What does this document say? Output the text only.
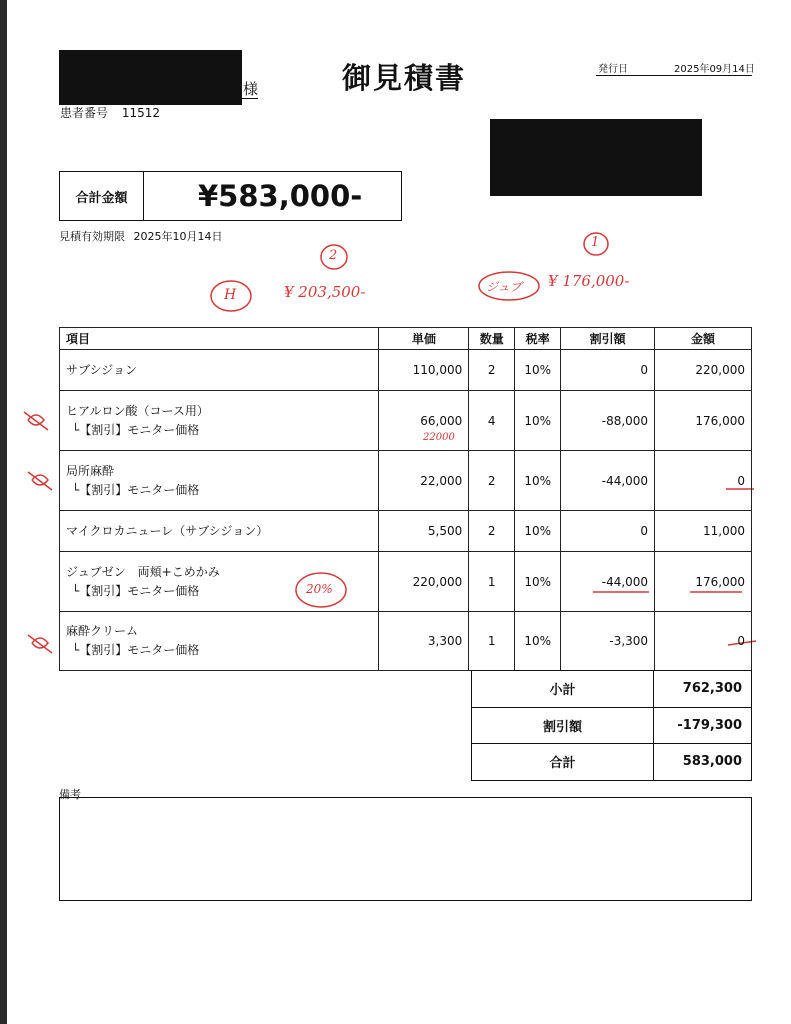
様
患者番号 11512
御見積書	発行日	2025年09月14日
合計金額	¥583,000-
見積有効期限 2025年10月14日
2
1
H	¥ 203,500-	ジュブ ¥ 176,000-
22000
20%
項目	単価	数量	税率	割引額	金額
サブシジョン	110,000	2	10%	0	220,000
ヒアルロン酸（コース用）
└【割引】モニター価格	66,000	4	10%	-88,000	176,000
局所麻酔
└【割引】モニター価格	22,000	2	10%	-44,000	0
マイクロカニューレ（サブシジョン）	5,500	2	10%	0	11,000
ジュブゼン　両頬+こめかみ
└【割引】モニター価格	220,000	1	10%	-44,000	176,000
麻酔クリーム
└【割引】モニター価格	3,300	1	10%	-3,300	0
小計	762,300
割引額	-179,300
合計	583,000
備考
